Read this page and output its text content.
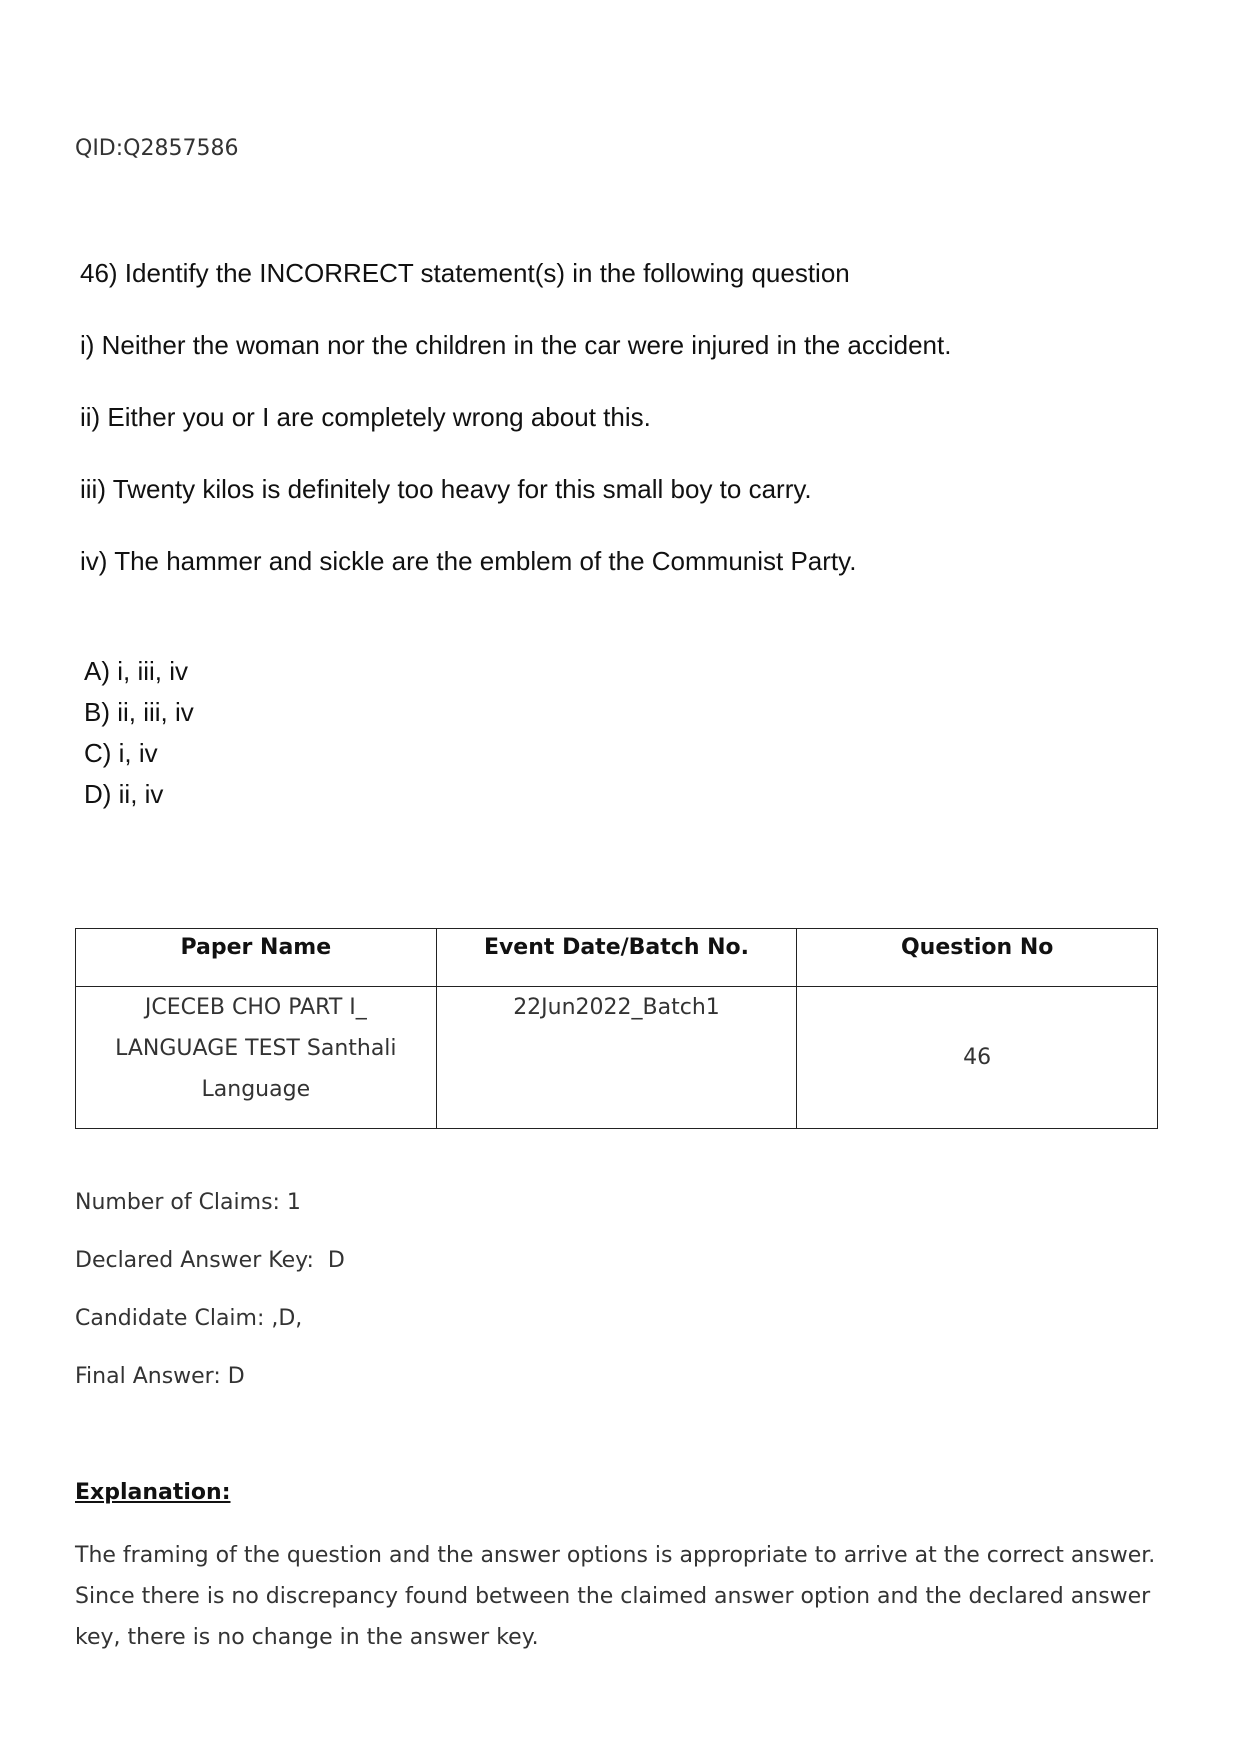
QID:Q2857586
46) Identify the INCORRECT statement(s) in the following question
i) Neither the woman nor the children in the car were injured in the accident.
ii) Either you or I are completely wrong about this.
iii) Twenty kilos is definitely too heavy for this small boy to carry.
iv) The hammer and sickle are the emblem of the Communist Party.
A) i, iii, iv
B) ii, iii, iv
C) i, iv
D) ii, iv
Paper Name	Event Date/Batch No.	Question No
JCECEB CHO PART I_ LANGUAGE TEST Santhali Language	22Jun2022_Batch1	46
Number of Claims: 1
Declared Answer Key:  D
Candidate Claim: ,D,
Final Answer: D
Explanation:
The framing of the question and the answer options is appropriate to arrive at the correct answer. Since there is no discrepancy found between the claimed answer option and the declared answer key, there is no change in the answer key.
